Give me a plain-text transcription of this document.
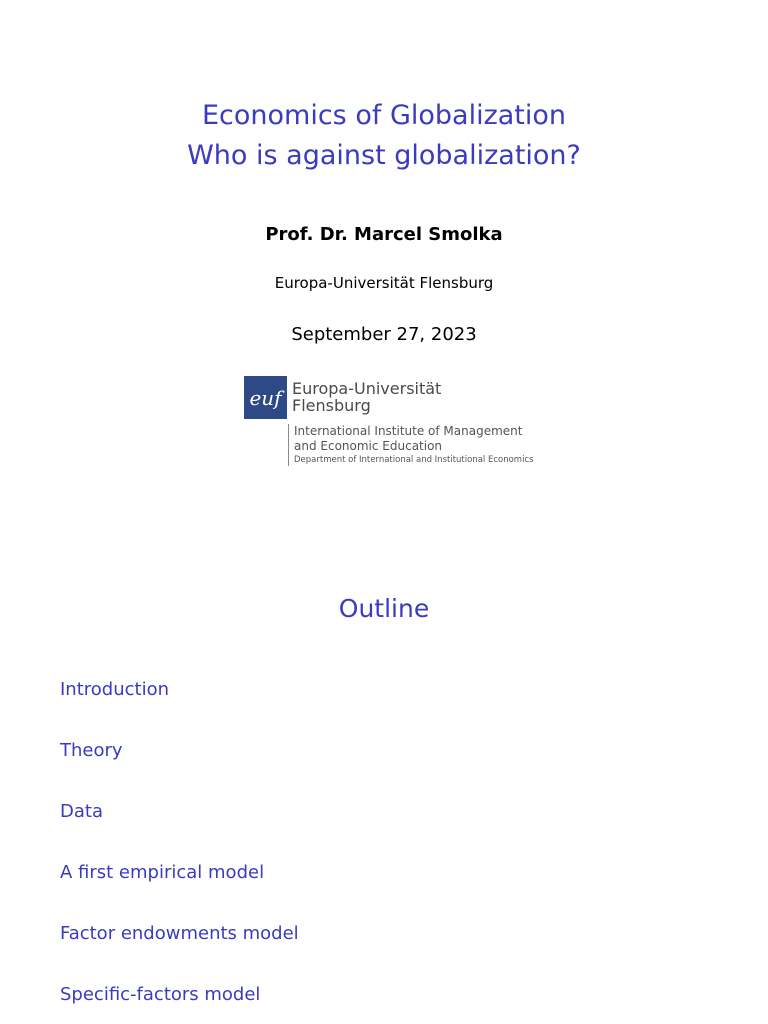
Economics of Globalization
Who is against globalization?
Prof. Dr. Marcel Smolka
Europa-Universität Flensburg
September 27, 2023
euf Europa-Universität
Flensburg
International Institute of Management
and Economic Education
Department of International and Institutional Economics
Outline
Introduction
Theory
Data
A first empirical model
Factor endowments model
Specific-factors model
